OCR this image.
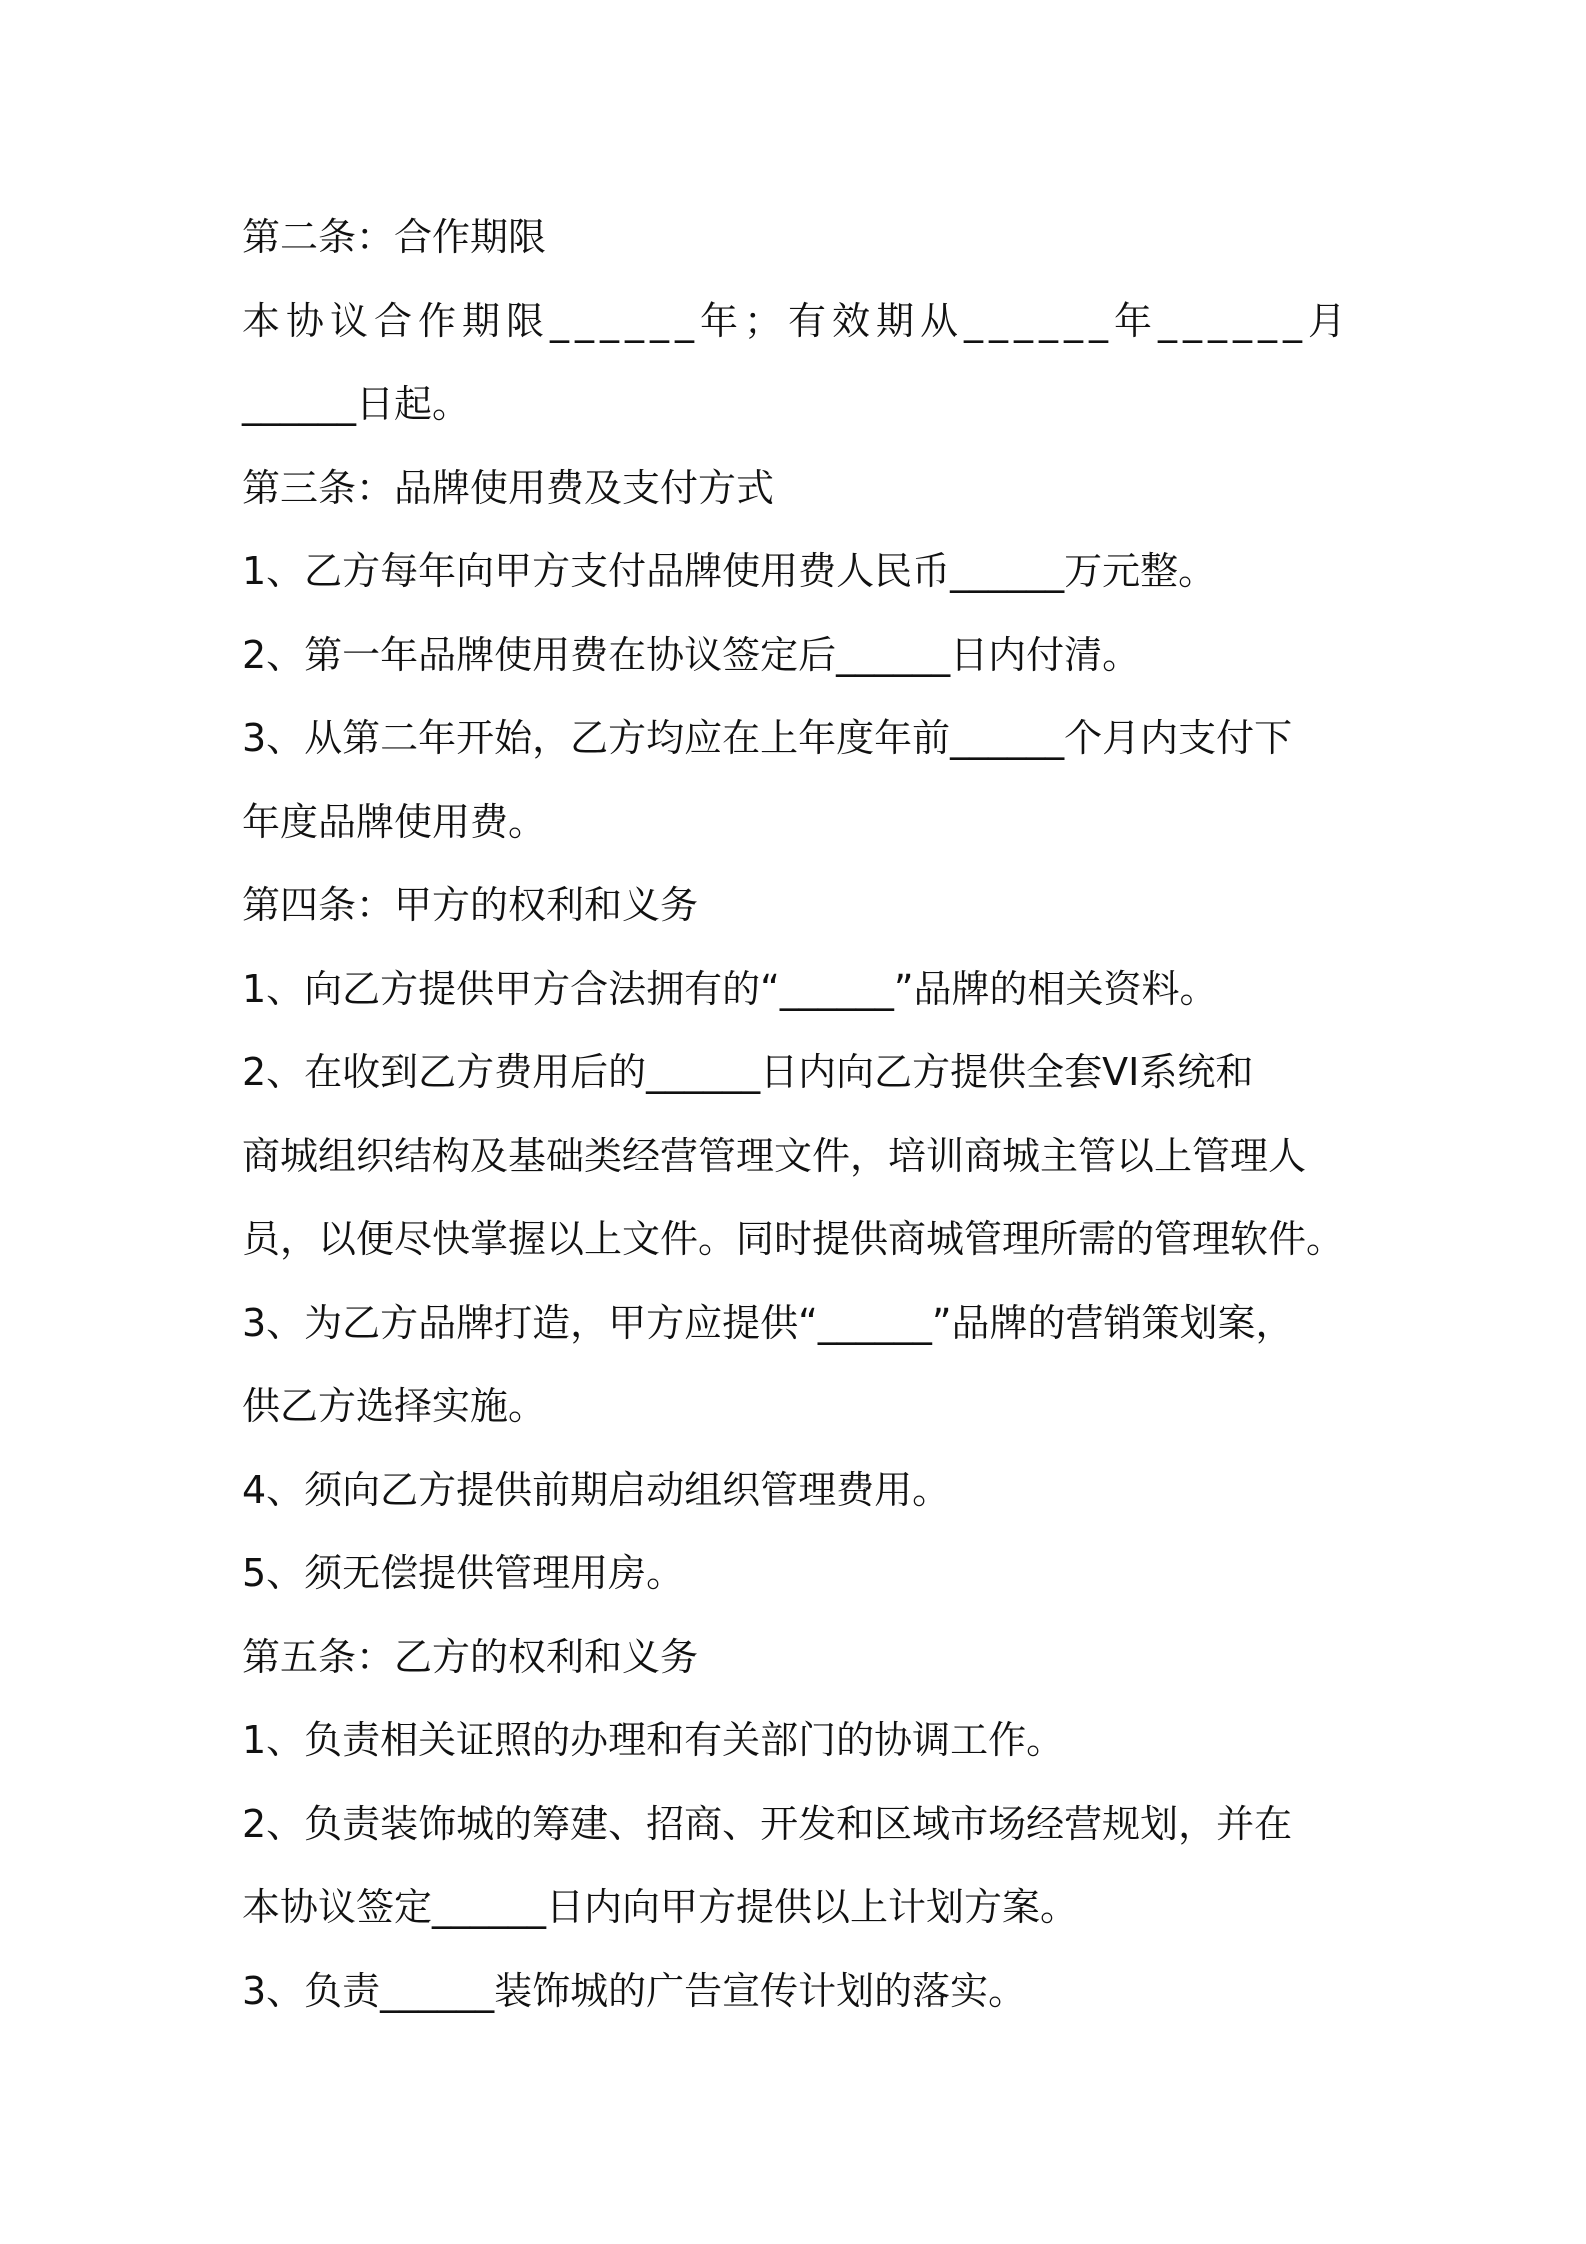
第二条：合作期限
本协议合作期限______年；有效期从______年______月
______日起。
第三条：品牌使用费及支付方式
1、乙方每年向甲方支付品牌使用费人民币______万元整。
2、第一年品牌使用费在协议签定后______日内付清。
3、从第二年开始，乙方均应在上年度年前______个月内支付下
年度品牌使用费。
第四条：甲方的权利和义务
1、向乙方提供甲方合法拥有的“______”品牌的相关资料。
2、在收到乙方费用后的______日内向乙方提供全套VI系统和
商城组织结构及基础类经营管理文件，培训商城主管以上管理人
员，以便尽快掌握以上文件。同时提供商城管理所需的管理软件。
3、为乙方品牌打造，甲方应提供“______”品牌的营销策划案，
供乙方选择实施。
4、须向乙方提供前期启动组织管理费用。
5、须无偿提供管理用房。
第五条：乙方的权利和义务
1、负责相关证照的办理和有关部门的协调工作。
2、负责装饰城的筹建、招商、开发和区域市场经营规划，并在
本协议签定______日内向甲方提供以上计划方案。
3、负责______装饰城的广告宣传计划的落实。
